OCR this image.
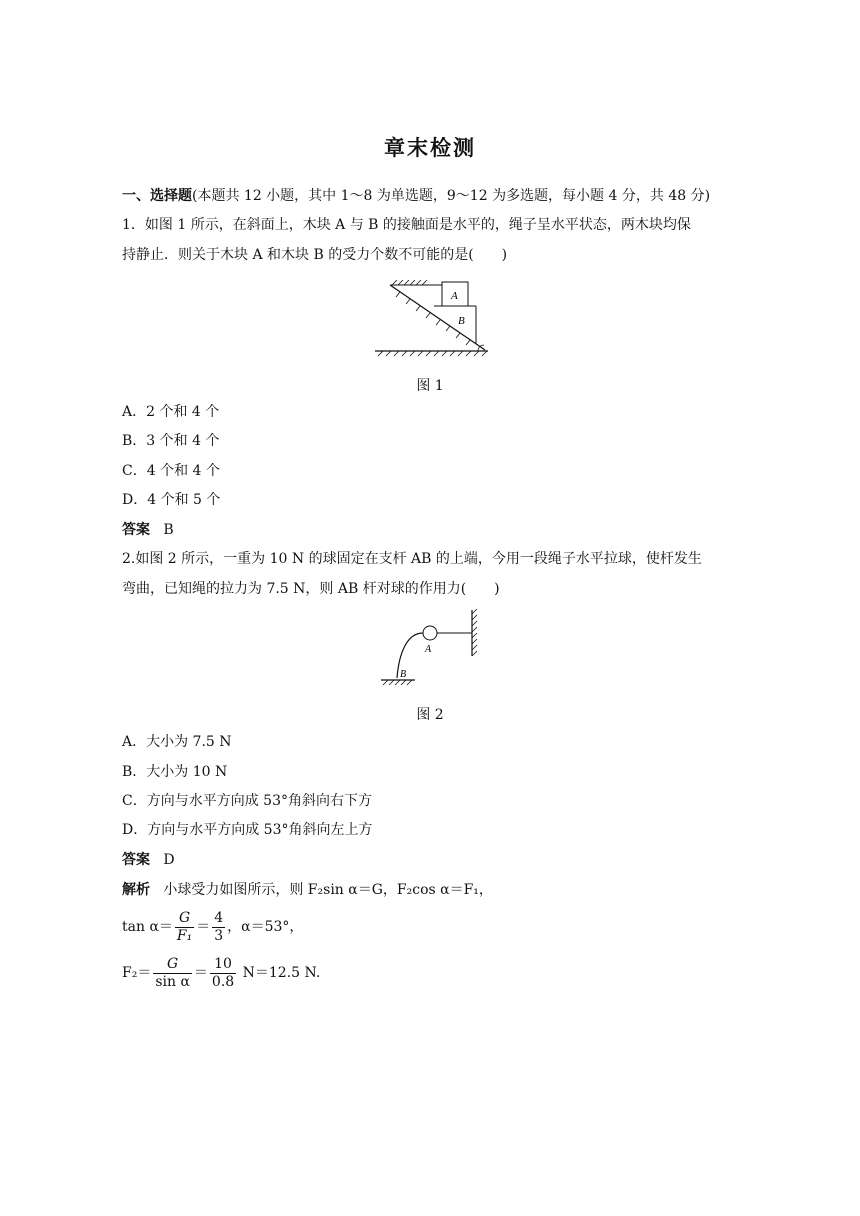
章末检测
一、选择题(本题共 12 小题，其中 1～8 为单选题，9～12 为多选题，每小题 4 分，共 48 分)
1．如图 1 所示，在斜面上，木块 A 与 B 的接触面是水平的，绳子呈水平状态，两木块均保
持静止．则关于木块 A 和木块 B 的受力个数不可能的是(　　)
B
A
图 1
A．2 个和 4 个
B．3 个和 4 个
C．4 个和 4 个
D．4 个和 5 个
答案 B
2.如图 2 所示，一重为 10 N 的球固定在支杆 AB 的上端，今用一段绳子水平拉球，使杆发生
弯曲，已知绳的拉力为 7.5 N，则 AB 杆对球的作用力(　　)
A
B
图 2
A．大小为 7.5 N
B．大小为 10 N
C．方向与水平方向成 53°角斜向右下方
D．方向与水平方向成 53°角斜向左上方
答案 D
解析 小球受力如图所示，则 F₂sin α＝G，F₂cos α＝F₁，
$\tan \alpha= \frac{G}{\text{F₁}} = \frac{4}{3}$ ，α＝53°，
$F_2= \frac{G}{\text{sin α}} = \frac{10}{0.8} N=12.5$ N.
